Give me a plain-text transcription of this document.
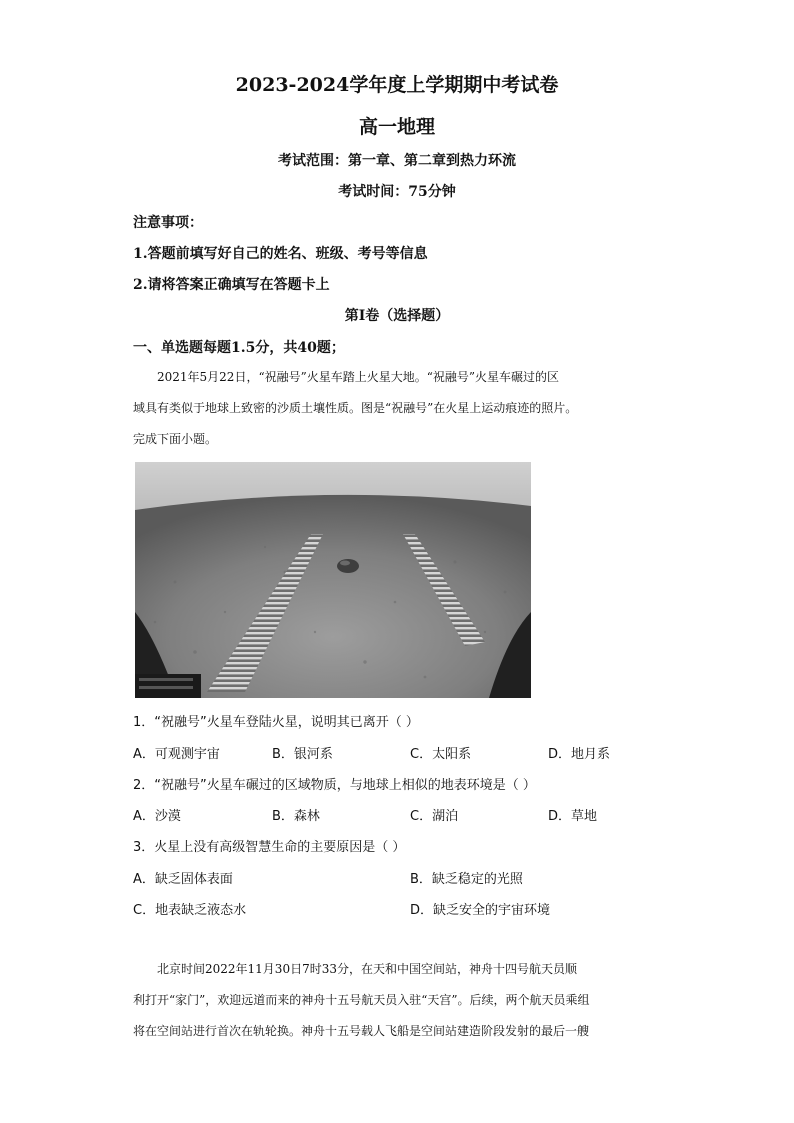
2023-2024学年度上学期期中考试卷
高一地理
考试范围：第一章、第二章到热力环流
考试时间：75分钟
注意事项：
1.答题前填写好自己的姓名、班级、考号等信息
2.请将答案正确填写在答题卡上
第I卷（选择题）
一、单选题每题1.5分，共40题；

2021年5月22日，“祝融号”火星车踏上火星大地。“祝融号”火星车碾过的区

域具有类似于地球上致密的沙质土壤性质。图是“祝融号”在火星上运动痕迹的照片。

完成下面小题。

1．“祝融号”火星车登陆火星，说明其已离开（ ）
A．可观测宇宙	B．银河系	C．太阳系	D．地月系
2．“祝融号”火星车碾过的区域物质，与地球上相似的地表环境是（ ）
A．沙漠	B．森林	C．湖泊	D．草地
3．火星上没有高级智慧生命的主要原因是（ ）
A．缺乏固体表面	B．缺乏稳定的光照
C．地表缺乏液态水	D．缺乏安全的宇宙环境

北京时间2022年11月30日7时33分，在天和中国空间站，神舟十四号航天员顺

利打开“家门”，欢迎远道而来的神舟十五号航天员入驻“天宫”。后续，两个航天员乘组

将在空间站进行首次在轨轮换。神舟十五号载人飞船是空间站建造阶段发射的最后一艘
